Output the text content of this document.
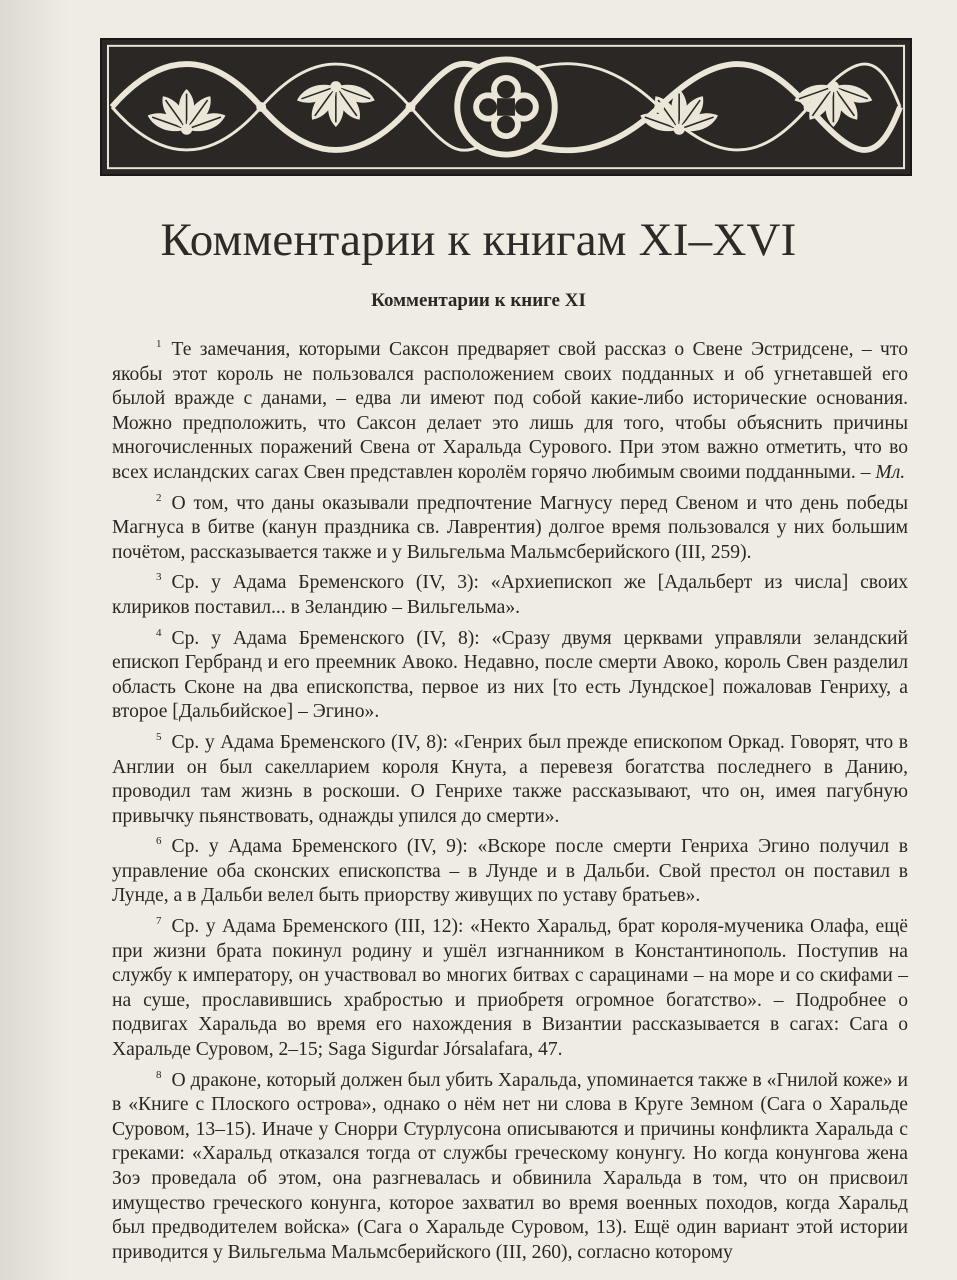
Комментарии к книгам XI–XVI
Комментарии к книге XI

1 Те замечания, которыми Саксон предваряет свой рассказ о Свене Эстридсене, – что якобы этот король не пользовался расположением своих подданных и об угнетавшей его былой вражде с данами, – едва ли имеют под собой какие-либо исторические основания. Можно предположить, что Саксон делает это лишь для того, чтобы объяснить причины многочисленных поражений Свена от Харальда Сурового. При этом важно отметить, что во всех исландских сагах Свен представлен королём горячо любимым своими подданными. – Мл.

2 О том, что даны оказывали предпочтение Магнусу перед Свеном и что день победы Магнуса в битве (канун праздника св. Лаврентия) долгое время пользовался у них большим почётом, рассказывается также и у Вильгельма Мальмсберийского (III, 259).

3 Ср. у Адама Бременского (IV, 3): «Архиепископ же [Адальберт из числа] своих клириков поставил... в Зеландию – Вильгельма».

4 Ср. у Адама Бременского (IV, 8): «Сразу двумя церквами управляли зеландский епископ Гербранд и его преемник Авоко. Недавно, после смерти Авоко, король Свен разделил область Сконе на два епископства, первое из них [то есть Лундское] пожаловав Генриху, а второе [Дальбийское] – Эгино».

5 Ср. у Адама Бременского (IV, 8): «Генрих был прежде епископом Оркад. Говорят, что в Англии он был сакелларием короля Кнута, а перевезя богатства последнего в Данию, проводил там жизнь в роскоши. О Генрихе также рассказывают, что он, имея пагубную привычку пьянствовать, однажды упился до смерти».

6 Ср. у Адама Бременского (IV, 9): «Вскоре после смерти Генриха Эгино получил в управление оба сконских епископства – в Лунде и в Дальби. Свой престол он поставил в Лунде, а в Дальби велел быть приорству живущих по уставу братьев».

7 Ср. у Адама Бременского (III, 12): «Некто Харальд, брат короля-мученика Олафа, ещё при жизни брата покинул родину и ушёл изгнанником в Константинополь. Поступив на службу к императору, он участвовал во многих битвах с сарацинами – на море и со скифами – на суше, прославившись храбростью и приобретя огромное богатство». – Подробнее о подвигах Харальда во время его нахождения в Византии рассказывается в сагах: Сага о Харальде Суровом, 2–15; Saga Sigurdar Jórsalafara, 47.

8 О драконе, который должен был убить Харальда, упоминается также в «Гнилой коже» и в «Книге с Плоского острова», однако о нём нет ни слова в Круге Земном (Сага о Харальде Суровом, 13–15). Иначе у Снорри Стурлусона описываются и причины конфликта Харальда с греками: «Харальд отказался тогда от службы греческому конунгу. Но когда конунгова жена Зоэ проведала об этом, она разгневалась и обвинила Харальда в том, что он присвоил имущество греческого конунга, которое захватил во время военных походов, когда Харальд был предводителем войска» (Сага о Харальде Суровом, 13). Ещё один вариант этой истории приводится у Вильгельма Мальмсберийского (III, 260), согласно которому
